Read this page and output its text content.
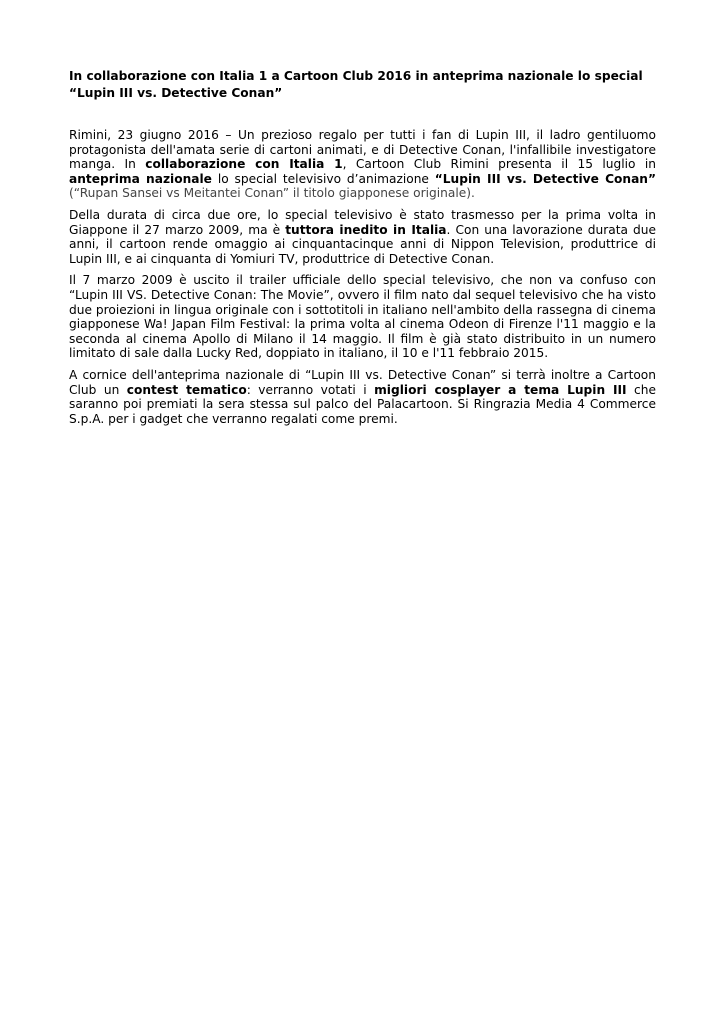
In collaborazione con Italia 1 a Cartoon Club 2016 in anteprima nazionale lo special “Lupin III vs. Detective Conan”

Rimini, 23 giugno 2016 – Un prezioso regalo per tutti i fan di Lupin III, il ladro gentiluomo protagonista dell'amata serie di cartoni animati, e di Detective Conan, l'infallibile investigatore manga. In collaborazione con Italia 1, Cartoon Club Rimini presenta il 15 luglio in anteprima nazionale lo special televisivo d’animazione “Lupin III vs. Detective Conan” (“Rupan Sansei vs Meitantei Conan” il titolo giapponese originale).

Della durata di circa due ore, lo special televisivo è stato trasmesso per la prima volta in Giappone il 27 marzo 2009, ma è tuttora inedito in Italia. Con una lavorazione durata due anni, il cartoon rende omaggio ai cinquantacinque anni di Nippon Television, produttrice di Lupin III, e ai cinquanta di Yomiuri TV, produttrice di Detective Conan.

Il 7 marzo 2009 è uscito il trailer ufficiale dello special televisivo, che non va confuso con “Lupin III VS. Detective Conan: The Movie”, ovvero il film nato dal sequel televisivo che ha visto due proiezioni in lingua originale con i sottotitoli in italiano nell'ambito della rassegna di cinema giapponese Wa! Japan Film Festival: la prima volta al cinema Odeon di Firenze l'11 maggio e la seconda al cinema Apollo di Milano il 14 maggio. Il film è già stato distribuito in un numero limitato di sale dalla Lucky Red, doppiato in italiano, il 10 e l'11 febbraio 2015.

A cornice dell'anteprima nazionale di “Lupin III vs. Detective Conan” si terrà inoltre a Cartoon Club un contest tematico: verranno votati i migliori cosplayer a tema Lupin III che saranno poi premiati la sera stessa sul palco del Palacartoon. Si Ringrazia Media 4 Commerce S.p.A. per i gadget che verranno regalati come premi.
